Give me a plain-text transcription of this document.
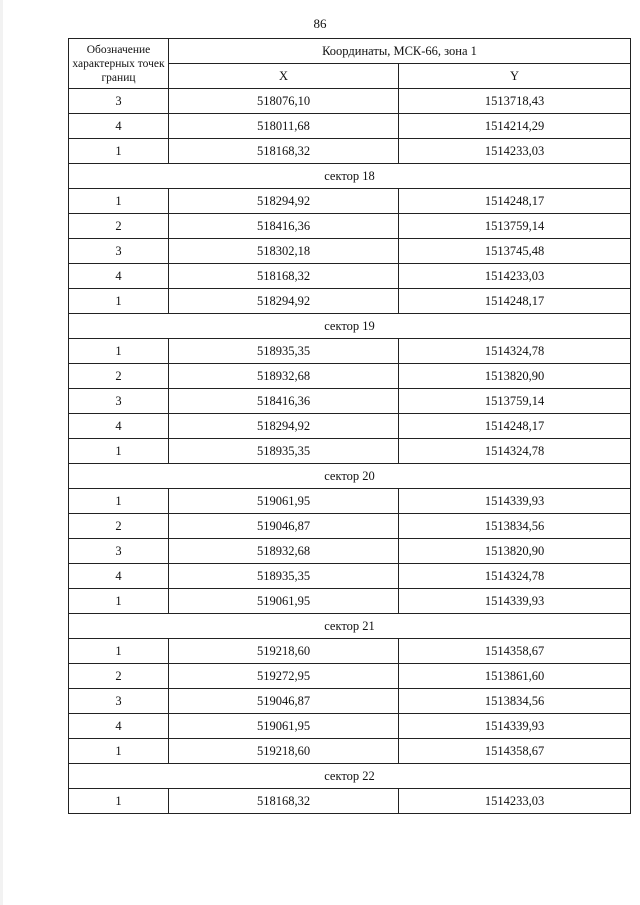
86
Обозначение характерных точек границ	Координаты, МСК-66, зона 1	
	X	Y
3	518076,10	1513718,43
4	518011,68	1514214,29
1	518168,32	1514233,03
сектор 18		
1	518294,92	1514248,17
2	518416,36	1513759,14
3	518302,18	1513745,48
4	518168,32	1514233,03
1	518294,92	1514248,17
сектор 19		
1	518935,35	1514324,78
2	518932,68	1513820,90
3	518416,36	1513759,14
4	518294,92	1514248,17
1	518935,35	1514324,78
сектор 20		
1	519061,95	1514339,93
2	519046,87	1513834,56
3	518932,68	1513820,90
4	518935,35	1514324,78
1	519061,95	1514339,93
сектор 21		
1	519218,60	1514358,67
2	519272,95	1513861,60
3	519046,87	1513834,56
4	519061,95	1514339,93
1	519218,60	1514358,67
сектор 22		
1	518168,32	1514233,03
